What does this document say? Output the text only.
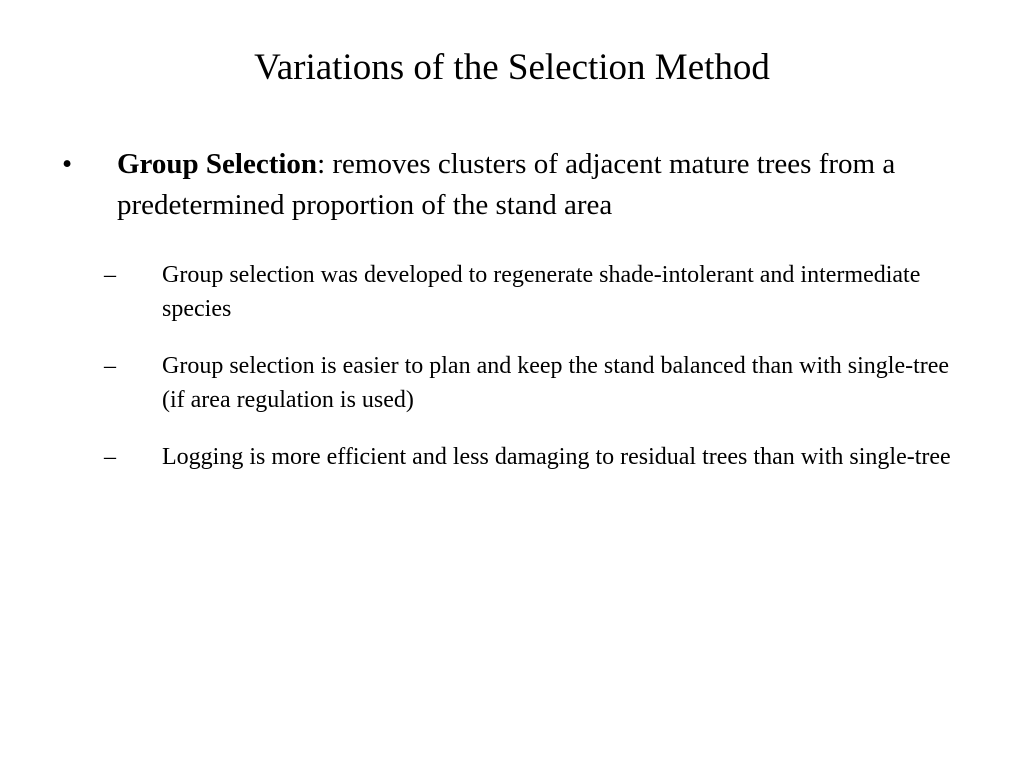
Variations of the Selection Method
• Group Selection: removes clusters of adjacent mature trees from a predetermined proportion of the stand area
– Group selection was developed to regenerate shade-intolerant and intermediate species
– Group selection is easier to plan and keep the stand balanced than with single-tree (if area regulation is used)
– Logging is more efficient and less damaging to residual trees than with single-tree
